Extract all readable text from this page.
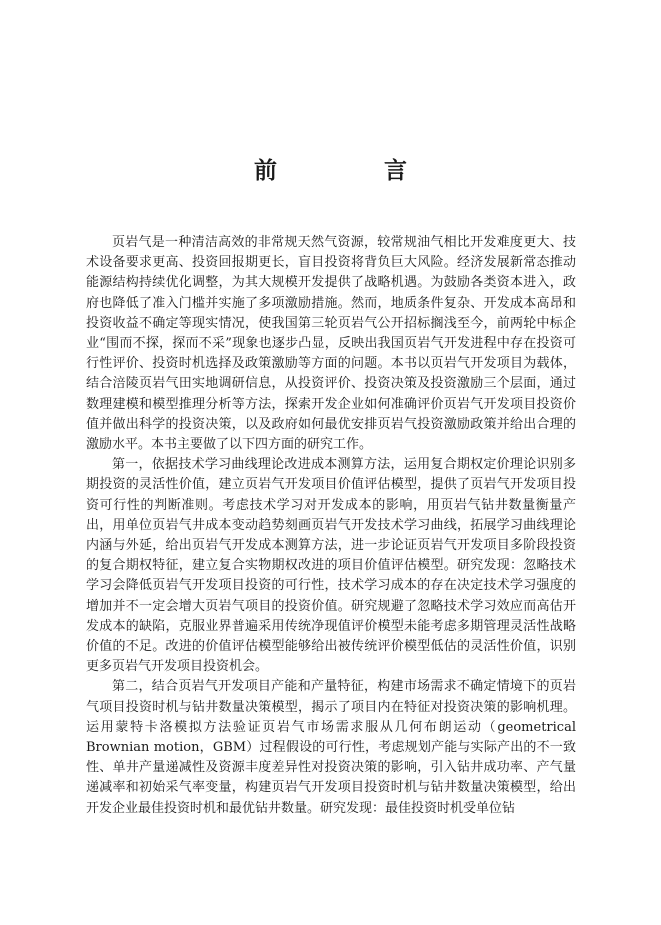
前　言

页岩气是一种清洁高效的非常规天然气资源，较常规油气相比开发难度更大、技术设备要求更高、投资回报期更长，盲目投资将背负巨大风险。经济发展新常态推动能源结构持续优化调整，为其大规模开发提供了战略机遇。为鼓励各类资本进入，政府也降低了准入门槛并实施了多项激励措施。然而，地质条件复杂、开发成本高昂和投资收益不确定等现实情况，使我国第三轮页岩气公开招标搁浅至今，前两轮中标企业“围而不探，探而不采”现象也逐步凸显，反映出我国页岩气开发进程中存在投资可行性评价、投资时机选择及政策激励等方面的问题。本书以页岩气开发项目为载体，结合涪陵页岩气田实地调研信息，从投资评价、投资决策及投资激励三个层面，通过数理建模和模型推理分析等方法，探索开发企业如何准确评价页岩气开发项目投资价值并做出科学的投资决策，以及政府如何最优安排页岩气投资激励政策并给出合理的激励水平。本书主要做了以下四方面的研究工作。

第一，依据技术学习曲线理论改进成本测算方法，运用复合期权定价理论识别多期投资的灵活性价值，建立页岩气开发项目价值评估模型，提供了页岩气开发项目投资可行性的判断准则。考虑技术学习对开发成本的影响，用页岩气钻井数量衡量产出，用单位页岩气井成本变动趋势刻画页岩气开发技术学习曲线，拓展学习曲线理论内涵与外延，给出页岩气开发成本测算方法，进一步论证页岩气开发项目多阶段投资的复合期权特征，建立复合实物期权改进的项目价值评估模型。研究发现：忽略技术学习会降低页岩气开发项目投资的可行性，技术学习成本的存在决定技术学习强度的增加并不一定会增大页岩气项目的投资价值。研究规避了忽略技术学习效应而高估开发成本的缺陷，克服业界普遍采用传统净现值评价模型未能考虑多期管理灵活性战略价值的不足。改进的价值评估模型能够给出被传统评价模型低估的灵活性价值，识别更多页岩气开发项目投资机会。

第二，结合页岩气开发项目产能和产量特征，构建市场需求不确定情境下的页岩气项目投资时机与钻井数量决策模型，揭示了项目内在特征对投资决策的影响机理。运用蒙特卡洛模拟方法验证页岩气市场需求服从几何布朗运动（geometrical Brownian motion，GBM）过程假设的可行性，考虑规划产能与实际产出的不一致性、单井产量递减性及资源丰度差异性对投资决策的影响，引入钻井成功率、产气量递减率和初始采气率变量，构建页岩气开发项目投资时机与钻井数量决策模型，给出开发企业最佳投资时机和最优钻井数量。研究发现：最佳投资时机受单位钻
